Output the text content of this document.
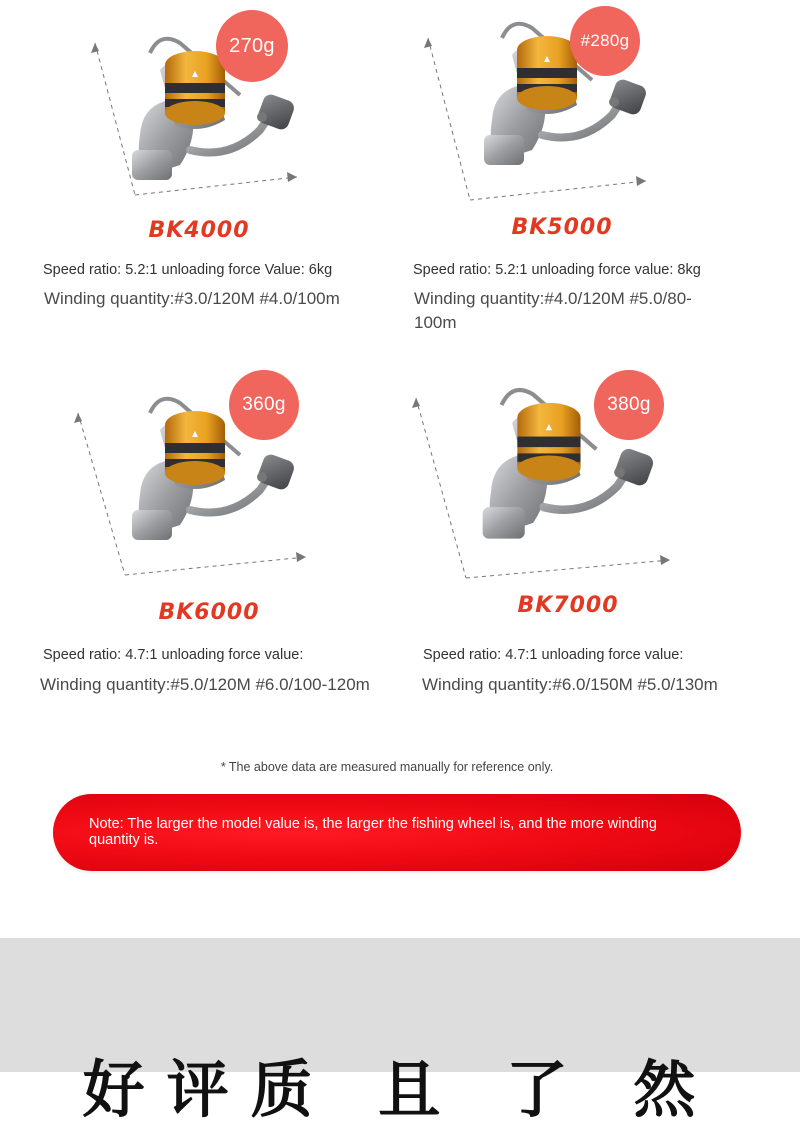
270g
BK4000
Speed ratio: 5.2:1 unloading force Value: 6kg
Winding quantity:#3.0/120M #4.0/100m
#280g
BK5000
Speed ratio: 5.2:1 unloading force value: 8kg
Winding quantity:#4.0/120M #5.0/80-100m
360g
BK6000
Speed ratio: 4.7:1 unloading force value:
Winding quantity:#5.0/120M #6.0/100-120m
380g
BK7000
Speed ratio: 4.7:1 unloading force value:
Winding quantity:#6.0/150M #5.0/130m
* The above data are measured manually for reference only.
Note: The larger the model value is, the larger the fishing wheel is, and the more winding quantity is.
好评质 且 了 然
